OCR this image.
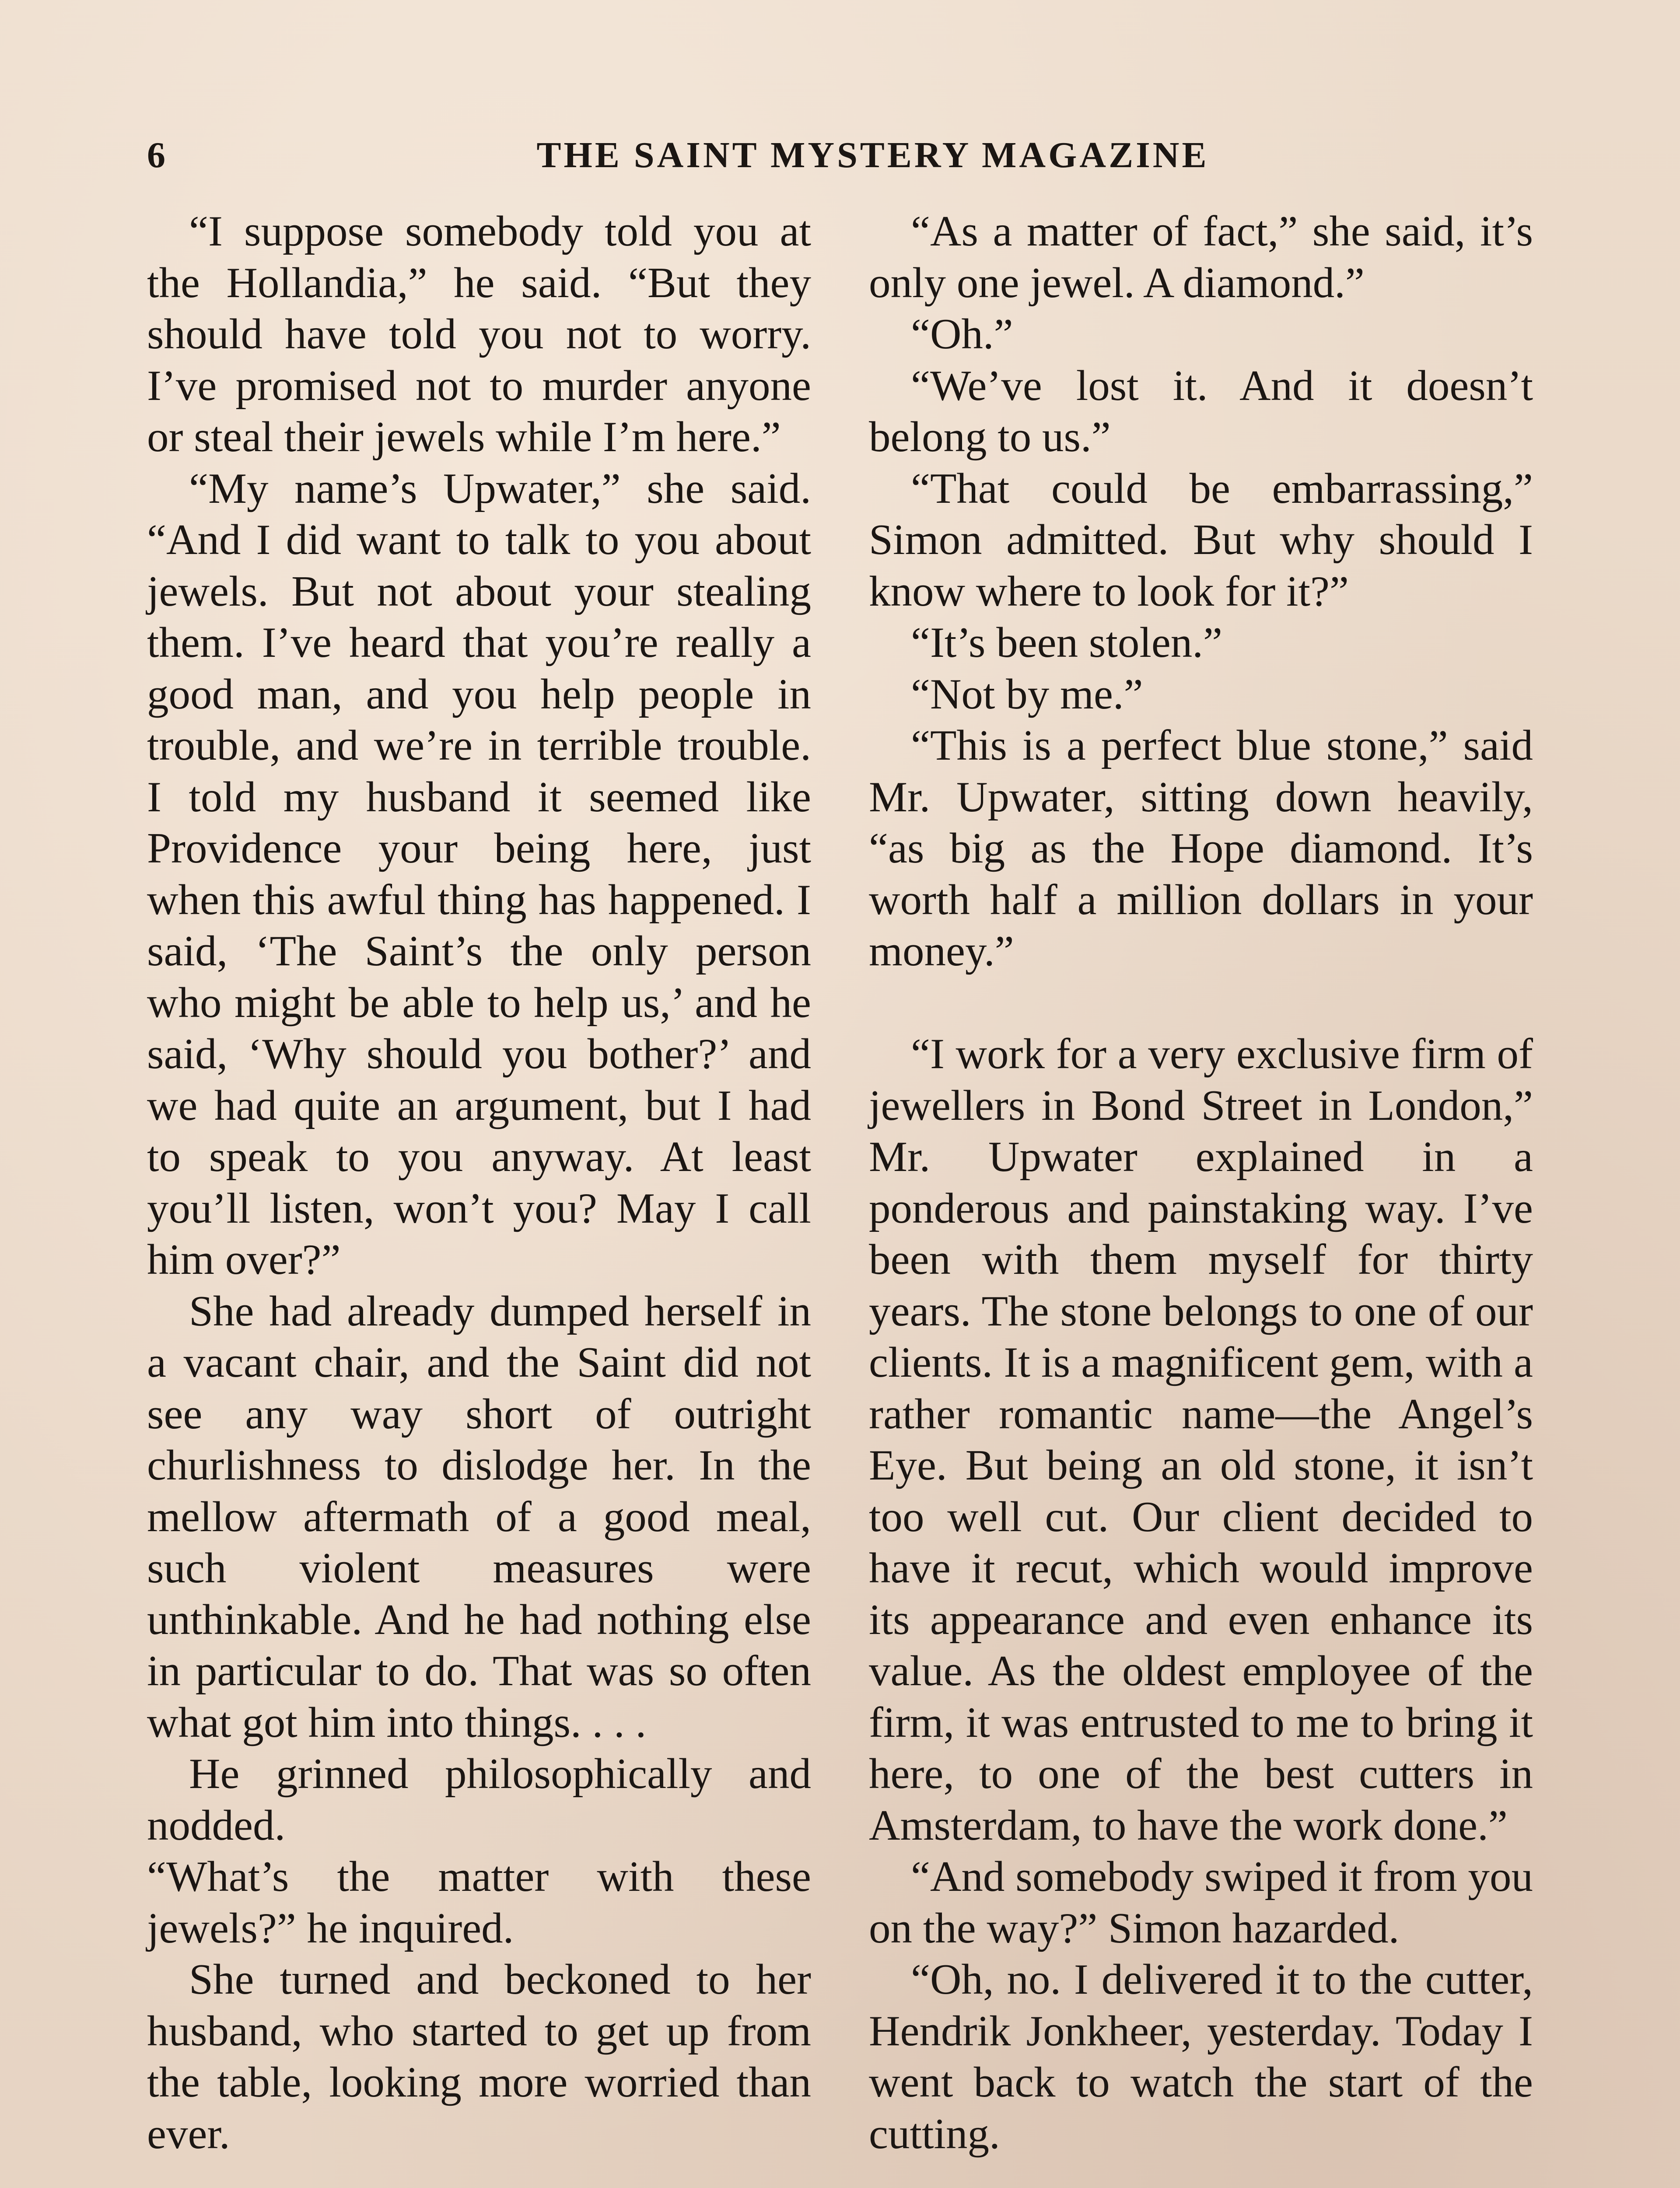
6	THE SAINT MYSTERY MAGAZINE

“I suppose somebody told you at the Hollandia,” he said. “But they should have told you not to worry. I’ve promised not to murder anyone or steal their jewels while I’m here.”

“My name’s Upwater,” she said. “And I did want to talk to you about jewels. But not about your stealing them. I’ve heard that you’re really a good man, and you help people in trouble, and we’re in terrible trouble. I told my husband it seemed like Providence your being here, just when this awful thing has happened. I said, ‘The Saint’s the only person who might be able to help us,’ and he said, ‘Why should you bother?’ and we had quite an argument, but I had to speak to you anyway. At least you’ll listen, won’t you? May I call him over?”

She had already dumped herself in a vacant chair, and the Saint did not see any way short of outright churlishness to dislodge her. In the mellow aftermath of a good meal, such violent measures were unthinkable. And he had nothing else in particular to do. That was so often what got him into things. . . .

He grinned philosophically and nodded.

“What’s the matter with these jewels?” he inquired.

She turned and beckoned to her husband, who started to get up from the table, looking more worried than ever.

“As a matter of fact,” she said, it’s only one jewel. A diamond.”

“Oh.”

“We’ve lost it. And it doesn’t belong to us.”

“That could be embarrassing,” Simon admitted. But why should I know where to look for it?”

“It’s been stolen.”

“Not by me.”

“This is a perfect blue stone,” said Mr. Upwater, sitting down heavily, “as big as the Hope diamond. It’s worth half a million dollars in your money.”

“I work for a very exclusive firm of jewellers in Bond Street in London,” Mr. Upwater explained in a ponderous and painstaking way. I’ve been with them myself for thirty years. The stone belongs to one of our clients. It is a magnificent gem, with a rather romantic name—the Angel’s Eye. But being an old stone, it isn’t too well cut. Our client decided to have it recut, which would improve its appearance and even enhance its value. As the oldest employee of the firm, it was entrusted to me to bring it here, to one of the best cutters in Amsterdam, to have the work done.”

“And somebody swiped it from you on the way?” Simon hazarded.

“Oh, no. I delivered it to the cutter, Hendrik Jonkheer, yesterday. Today I went back to watch the start of the cutting.
